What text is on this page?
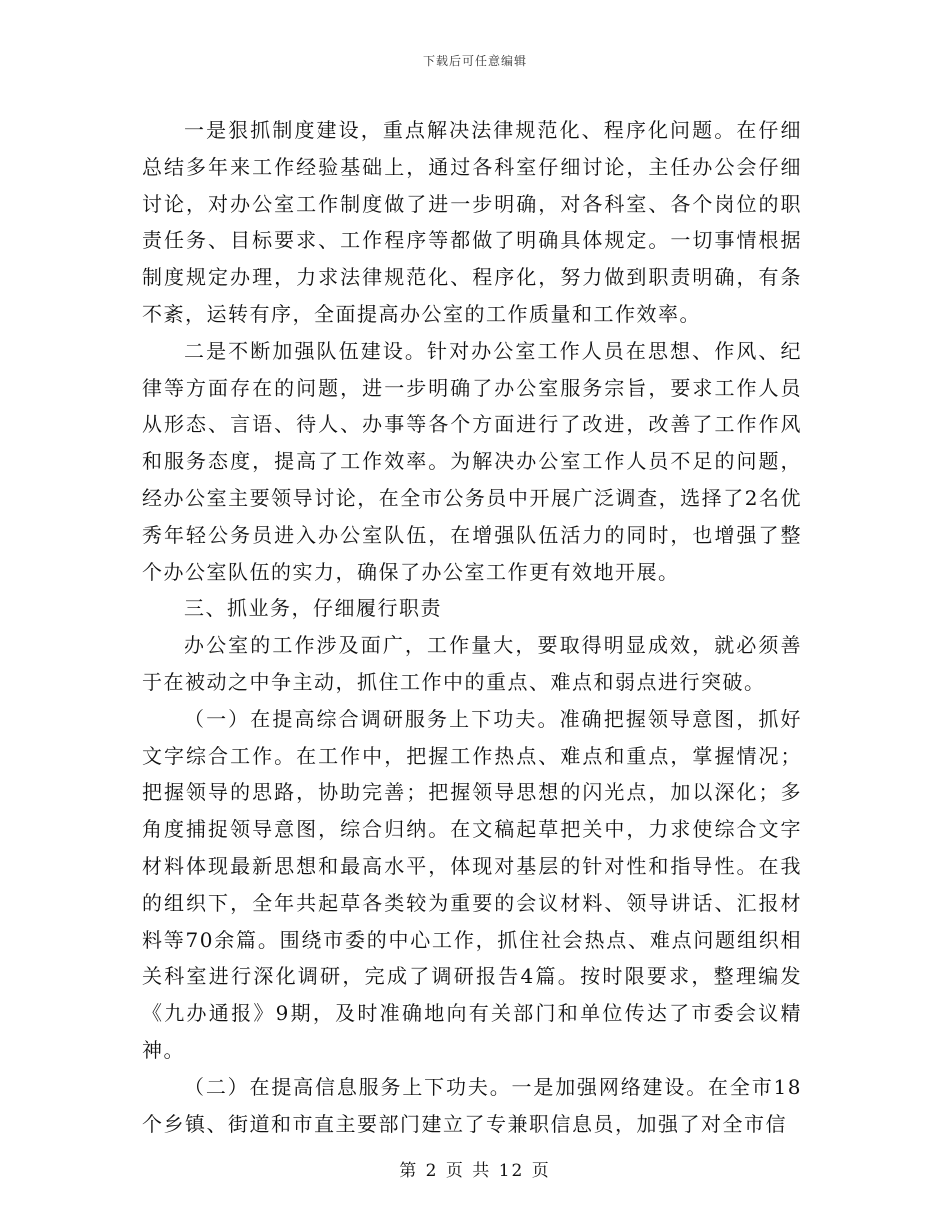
下载后可任意编辑

一是狠抓制度建设，重点解决法律规范化、程序化问题。在仔细总结多年来工作经验基础上，通过各科室仔细讨论，主任办公会仔细讨论，对办公室工作制度做了进一步明确，对各科室、各个岗位的职责任务、目标要求、工作程序等都做了明确具体规定。一切事情根据制度规定办理，力求法律规范化、程序化，努力做到职责明确，有条不紊，运转有序，全面提高办公室的工作质量和工作效率。

二是不断加强队伍建设。针对办公室工作人员在思想、作风、纪律等方面存在的问题，进一步明确了办公室服务宗旨，要求工作人员从形态、言语、待人、办事等各个方面进行了改进，改善了工作作风和服务态度，提高了工作效率。为解决办公室工作人员不足的问题，经办公室主要领导讨论，在全市公务员中开展广泛调查，选择了2名优秀年轻公务员进入办公室队伍，在增强队伍活力的同时，也增强了整个办公室队伍的实力，确保了办公室工作更有效地开展。

三、抓业务，仔细履行职责

办公室的工作涉及面广，工作量大，要取得明显成效，就必须善于在被动之中争主动，抓住工作中的重点、难点和弱点进行突破。

（一）在提高综合调研服务上下功夫。准确把握领导意图，抓好文字综合工作。在工作中，把握工作热点、难点和重点，掌握情况；把握领导的思路，协助完善；把握领导思想的闪光点，加以深化；多角度捕捉领导意图，综合归纳。在文稿起草把关中，力求使综合文字材料体现最新思想和最高水平，体现对基层的针对性和指导性。在我的组织下，全年共起草各类较为重要的会议材料、领导讲话、汇报材料等70余篇。围绕市委的中心工作，抓住社会热点、难点问题组织相关科室进行深化调研，完成了调研报告4篇。按时限要求，整理编发《九办通报》9期，及时准确地向有关部门和单位传达了市委会议精神。

（二）在提高信息服务上下功夫。一是加强网络建设。在全市18个乡镇、街道和市直主要部门建立了专兼职信息员，加强了对全市信

第 2 页 共 12 页
